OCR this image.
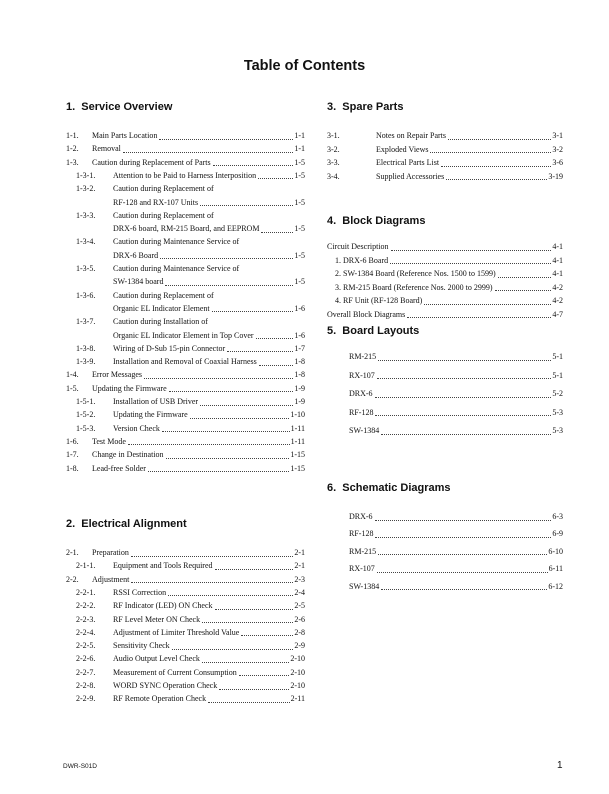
Table of Contents
1.  Service Overview
2.  Electrical Alignment
3.  Spare Parts
4.  Block Diagrams
5.  Board Layouts
6.  Schematic Diagrams
1-1.	Main Parts Location	1-1
1-2.	Removal	1-1
1-3.	Caution during Replacement of Parts	1-5
1-3-1.	Attention to be Paid to Harness Interposition	1-5
1-3-2.	Caution during Replacement of
RF-128 and RX-107 Units	1-5
1-3-3.	Caution during Replacement of
DRX-6 board, RM-215 Board, and EEPROM	1-5
1-3-4.	Caution during Maintenance Service of
DRX-6 Board	1-5
1-3-5.	Caution during Maintenance Service of
SW-1384 board	1-5
1-3-6.	Caution during Replacement of
Organic EL Indicator Element	1-6
1-3-7.	Caution during Installation of
Organic EL Indicator Element in Top Cover	1-6
1-3-8.	Wiring of D-Sub 15-pin Connector	1-7
1-3-9.	Installation and Removal of Coaxial Harness	1-8
1-4.	Error Messages	1-8
1-5.	Updating the Firmware	1-9
1-5-1.	Installation of USB Driver	1-9
1-5-2.	Updating the Firmware	1-10
1-5-3.	Version Check	1-11
1-6.	Test Mode	1-11
1-7.	Change in Destination	1-15
1-8.	Lead-free Solder	1-15
2-1.	Preparation	2-1
2-1-1.	Equipment and Tools Required	2-1
2-2.	Adjustment	2-3
2-2-1.	RSSI Correction	2-4
2-2-2.	RF Indicator (LED) ON Check	2-5
2-2-3.	RF Level Meter ON Check	2-6
2-2-4.	Adjustment of Limiter Threshold Value	2-8
2-2-5.	Sensitivity Check	2-9
2-2-6.	Audio Output Level Check	2-10
2-2-7.	Measurement of Current Consumption	2-10
2-2-8.	WORD SYNC Operation Check	2-10
2-2-9.	RF Remote Operation Check	2-11
3-1.	Notes on Repair Parts	3-1
3-2.	Exploded Views	3-2
3-3.	Electrical Parts List	3-6
3-4.	Supplied Accessories	3-19
Circuit Description	4-1
1. DRX-6 Board	4-1
2. SW-1384 Board (Reference Nos. 1500 to 1599)	4-1
3. RM-215 Board (Reference Nos. 2000 to 2999)	4-2
4. RF Unit (RF-128 Board)	4-2
Overall Block Diagrams	4-7
RM-215	5-1
RX-107	5-1
DRX-6	5-2
RF-128	5-3
SW-1384	5-3
DRX-6	6-3
RF-128	6-9
RM-215	6-10
RX-107	6-11
SW-1384	6-12
DWR-S01D	1
